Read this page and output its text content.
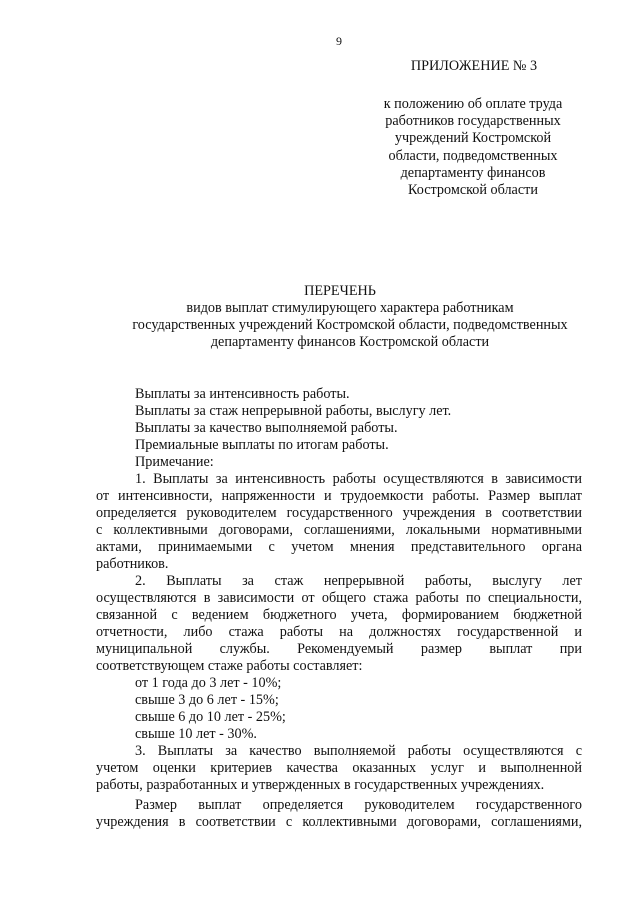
9
ПРИЛОЖЕНИЕ № 3
к положению об оплате труда
работников государственных
учреждений Костромской
области, подведомственных
департаменту финансов
Костромской области
ПЕРЕЧЕНЬ
видов выплат стимулирующего характера работникам
государственных учреждений Костромской области, подведомственных
департаменту финансов Костромской области
Выплаты за интенсивность работы.
Выплаты за стаж непрерывной работы, выслугу лет.
Выплаты за качество выполняемой работы.
Премиальные выплаты по итогам работы.
Примечание:
1. Выплаты за интенсивность работы осуществляются в зависимости
от интенсивности, напряженности и трудоемкости работы. Размер выплат
определяется руководителем государственного учреждения в соответствии
с коллективными договорами, соглашениями, локальными нормативными
актами, принимаемыми с учетом мнения представительного органа
работников.
2. Выплаты за стаж непрерывной работы, выслугу лет
осуществляются в зависимости от общего стажа работы по специальности,
связанной с ведением бюджетного учета, формированием бюджетной
отчетности, либо стажа работы на должностях государственной и
муниципальной службы. Рекомендуемый размер выплат при
соответствующем стаже работы составляет:
от 1 года до 3 лет - 10%;
свыше 3 до 6 лет - 15%;
свыше 6 до 10 лет - 25%;
свыше 10 лет - 30%.
3. Выплаты за качество выполняемой работы осуществляются с
учетом оценки критериев качества оказанных услуг и выполненной
работы, разработанных и утвержденных в государственных учреждениях.
Размер выплат определяется руководителем государственного
учреждения в соответствии с коллективными договорами, соглашениями,
